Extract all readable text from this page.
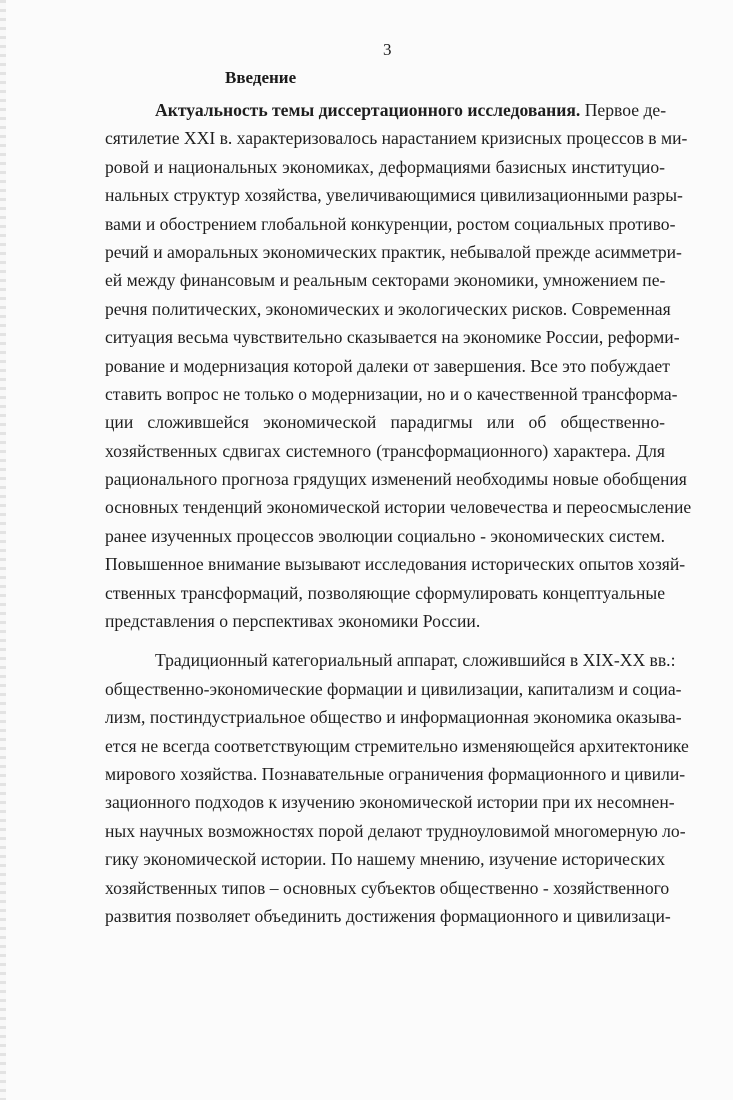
3
Введение
Актуальность темы диссертационного исследования. Первое де-
сятилетие XXI в. характеризовалось нарастанием кризисных процессов в ми-
ровой и национальных экономиках, деформациями базисных институцио-
нальных структур хозяйства, увеличивающимися цивилизационными разры-
вами и обострением глобальной конкуренции, ростом социальных противо-
речий и аморальных экономических практик, небывалой прежде асимметри-
ей между финансовым и реальным секторами экономики, умножением пе-
речня политических, экономических и экологических рисков. Современная
ситуация весьма чувствительно сказывается на экономике России, реформи-
рование и модернизация которой далеки от завершения. Все это побуждает
ставить вопрос не только о модернизации, но и о качественной трансформа-
ции сложившейся экономической парадигмы или об общественно-
хозяйственных сдвигах системного (трансформационного) характера. Для
рационального прогноза грядущих изменений необходимы новые обобщения
основных тенденций экономической истории человечества и переосмысление
ранее изученных процессов эволюции социально - экономических систем.
Повышенное внимание вызывают исследования исторических опытов хозяй-
ственных трансформаций, позволяющие сформулировать концептуальные
представления о перспективах экономики России.
Традиционный категориальный аппарат, сложившийся в XIX-XX вв.:
общественно-экономические формации и цивилизации, капитализм и социа-
лизм, постиндустриальное общество и информационная экономика оказыва-
ется не всегда соответствующим стремительно изменяющейся архитектонике
мирового хозяйства. Познавательные ограничения формационного и цивили-
зационного подходов к изучению экономической истории при их несомнен-
ных научных возможностях порой делают трудноуловимой многомерную ло-
гику экономической истории. По нашему мнению, изучение исторических
хозяйственных типов – основных субъектов общественно - хозяйственного
развития позволяет объединить достижения формационного и цивилизаци-
